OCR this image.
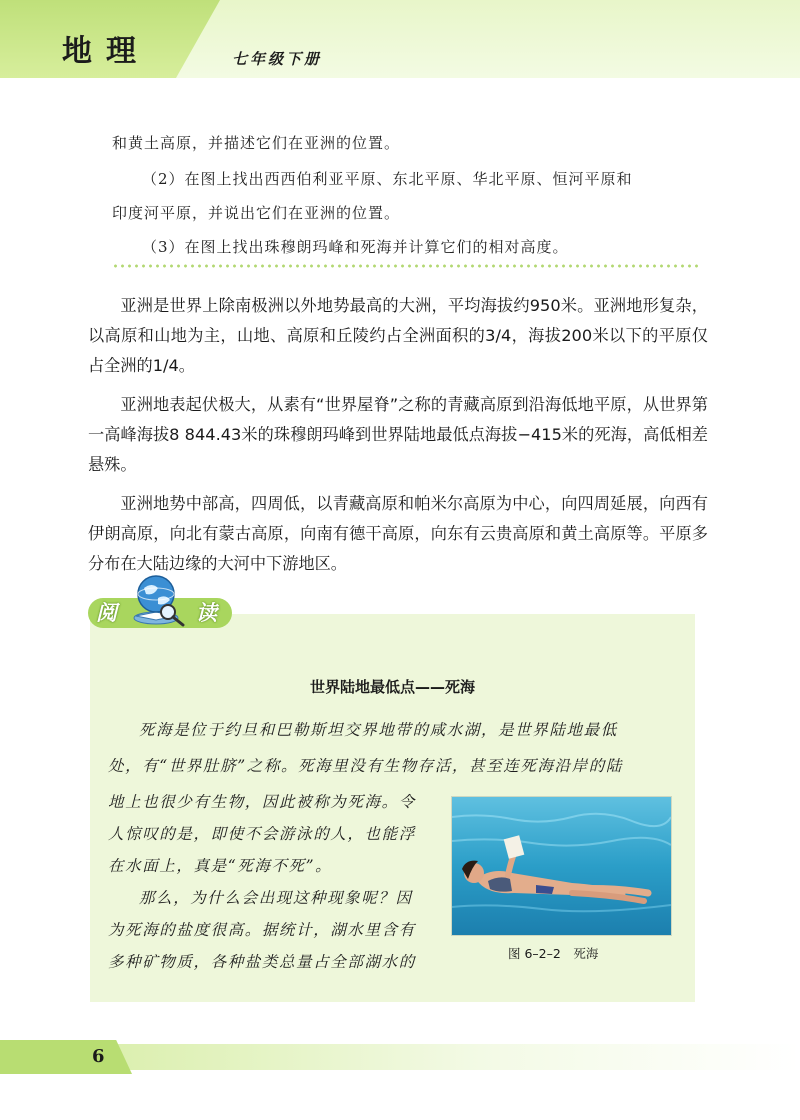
地理	七年级下册
和黄土高原，并描述它们在亚洲的位置。
（2）在图上找出西西伯利亚平原、东北平原、华北平原、恒河平原和
印度河平原，并说出它们在亚洲的位置。
（3）在图上找出珠穆朗玛峰和死海并计算它们的相对高度。

亚洲是世界上除南极洲以外地势最高的大洲，平均海拔约950米。亚洲地形复杂，以高原和山地为主，山地、高原和丘陵约占全洲面积的3/4，海拔200米以下的平原仅占全洲的1/4。

亚洲地表起伏极大，从素有“世界屋脊”之称的青藏高原到沿海低地平原，从世界第一高峰海拔8 844.43米的珠穆朗玛峰到世界陆地最低点海拔−415米的死海，高低相差悬殊。

亚洲地势中部高，四周低，以青藏高原和帕米尔高原为中心，向四周延展，向西有伊朗高原，向北有蒙古高原，向南有德干高原，向东有云贵高原和黄土高原等。平原多分布在大陆边缘的大河中下游地区。

阅	读
世界陆地最低点——死海
死海是位于约旦和巴勒斯坦交界地带的咸水湖，是世界陆地最低
处，有“世界肚脐”之称。死海里没有生物存活，甚至连死海沿岸的陆
地上也很少有生物，因此被称为死海。令
人惊叹的是，即使不会游泳的人，也能浮
在水面上，真是“死海不死”。
那么，为什么会出现这种现象呢？因
为死海的盐度很高。据统计，湖水里含有
多种矿物质，各种盐类总量占全部湖水的	图 6–2–2　死海
6
